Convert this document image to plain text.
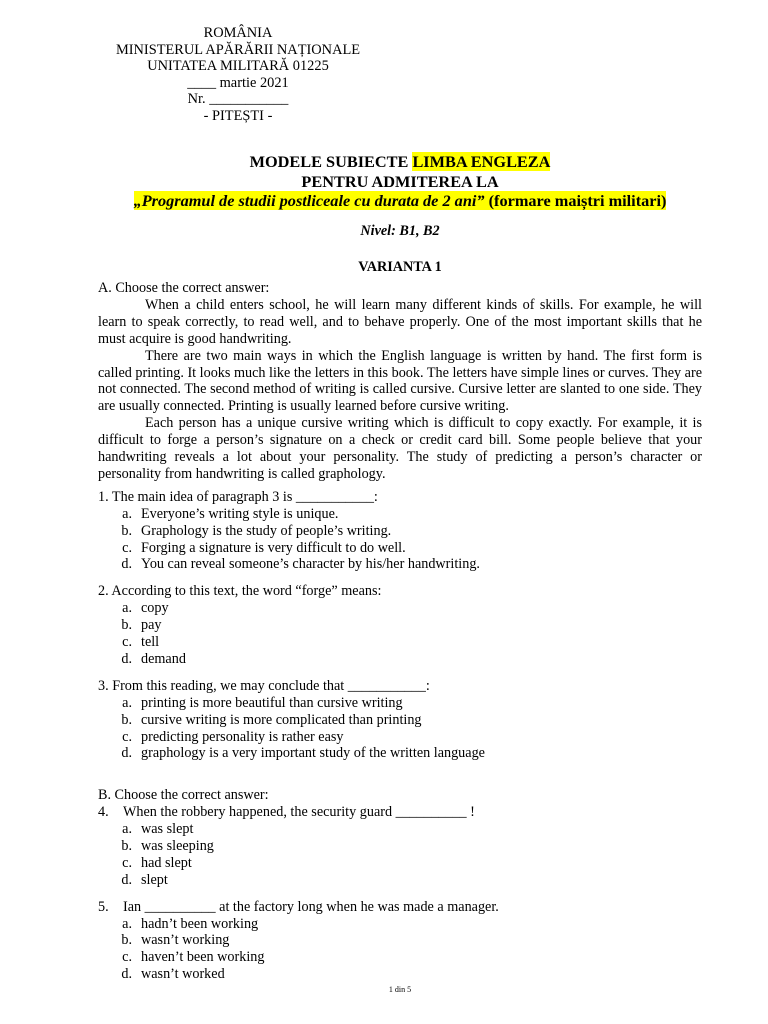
ROMÂNIA
MINISTERUL APĂRĂRII NAȚIONALE
UNITATEA MILITARĂ 01225
____ martie 2021
Nr. ___________
- PITEȘTI -
MODELE SUBIECTE LIMBA ENGLEZA
PENTRU ADMITEREA LA
„Programul de studii postliceale cu durata de 2 ani” (formare maiștri militari)
Nivel: B1, B2
VARIANTA 1

A. Choose the correct answer:

When a child enters school, he will learn many different kinds of skills. For example, he will learn to speak correctly, to read well, and to behave properly. One of the most important skills that he must acquire is good handwriting.

There are two main ways in which the English language is written by hand. The first form is called printing. It looks much like the letters in this book. The letters have simple lines or curves. They are not connected. The second method of writing is called cursive. Cursive letter are slanted to one side. They are usually connected. Printing is usually learned before cursive writing.

Each person has a unique cursive writing which is difficult to copy exactly. For example, it is difficult to forge a person’s signature on a check or credit card bill. Some people believe that your handwriting reveals a lot about your personality. The study of predicting a person’s character or personality from handwriting is called graphology.

1. The main idea of paragraph 3 is ___________:
a. Everyone’s writing style is unique.
b. Graphology is the study of people’s writing.
c. Forging a signature is very difficult to do well.
d. You can reveal someone’s character by his/her handwriting.
2. According to this text, the word “forge” means:
a. copy
b. pay
c. tell
d. demand
3. From this reading, we may conclude that ___________:
a. printing is more beautiful than cursive writing
b. cursive writing is more complicated than printing
c. predicting personality is rather easy
d. graphology is a very important study of the written language
B. Choose the correct answer:
4. When the robbery happened, the security guard __________ !
a. was slept
b. was sleeping
c. had slept
d. slept
5. Ian __________ at the factory long when he was made a manager.
a. hadn’t been working
b. wasn’t working
c. haven’t been working
d. wasn’t worked
1 din 5
